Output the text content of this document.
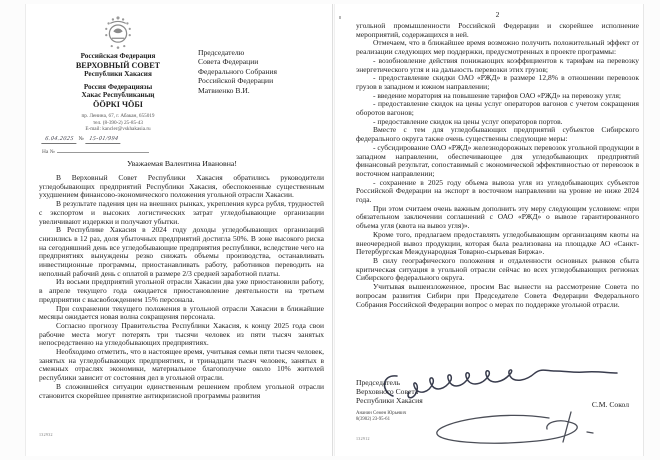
Российская Федерация
ВЕРХОВНЫЙ СОВЕТ
Республики Хакасия
Россия Федерациязы
Хакас Республиканың
ӦӦРКІ ЧӦБІ
пр. Ленина, 67, г. Абакан, 655019
тел. (8-390-2) 25-85-43
E-mail: kancler@vskhakasia.ru
6.04.2025 № 15-01/994
На №
Председателю
Совета Федерации
Федерального Собрания
Российской Федерации
Матвиенко В.И.
Уважаемая Валентина Ивановна!

В Верховный Совет Республики Хакасия обратились руководители угледобывающих предприятий Республики Хакасия, обеспокоенные существенным ухудшением финансово-экономического положения угольной отрасли Хакасии.

В результате падения цен на внешних рынках, укрепления курса рубля, трудностей с экспортом и высоких логистических затрат угледобывающие организации увеличивают издержки и получают убытки.

В Республике Хакасия в 2024 году доходы угледобывающих организаций снизились в 12 раз, доля убыточных предприятий достигла 50%. В зоне высокого риска на сегодняшний день все угледобывающие предприятия республики, вследствие чего на предприятиях вынуждены резко снижать объемы производства, останавливать инвестиционные программы, приостанавливать работу, работников переводить на неполный рабочий день с оплатой в размере 2/3 средней заработной платы.

Из восьми предприятий угольной отрасли Хакасии два уже приостановили работу, в апреле текущего года ожидается приостановление деятельности на третьем предприятии с высвобождением 15% персонала.

При сохранении текущего положения в угольной отрасли Хакасии в ближайшие месяцы ожидается новая волна сокращения персонала.

Согласно прогнозу Правительства Республики Хакасия, к концу 2025 года свои рабочие места могут потерять три тысячи человек из пяти тысяч занятых непосредственно на угледобывающих предприятиях.

Необходимо отметить, что в настоящее время, учитывая семьи пяти тысяч человек, занятых на угледобывающих предприятиях, и тринадцати тысяч человек, занятых в смежных отраслях экономики, материальное благополучие около 10% жителей республики зависит от состояния дел в угольной отрасли.

В сложившейся ситуации единственным решением проблем угольной отрасли становится скорейшее принятие антикризисной программы развития

132932
2

угольной промышленности Российской Федерации и скорейшее исполнение мероприятий, содержащихся в ней.

Отмечаем, что в ближайшее время возможно получить положительный эффект от реализации следующих мер поддержки, предусмотренных в проекте программы:

- возобновление действия понижающих коэффициентов к тарифам на перевозку энергетического угля и на дальность перевозки этих грузов;

- предоставление скидки ОАО «РЖД» в размере 12,8% в отношении перевозок грузов в западном и южном направлении;

- введение моратория на повышение тарифов ОАО «РЖД» на перевозку угля;

- предоставление скидок на цены услуг операторов вагонов с учетом сокращения оборотов вагонов;

- предоставление скидок на цены услуг операторов портов.

Вместе с тем для угледобывающих предприятий субъектов Сибирского федерального округа также очень существенны следующие меры:

- субсидирование ОАО «РЖД» железнодорожных перевозок угольной продукции в западном направлении, обеспечивающее для угледобывающих предприятий финансовый результат, сопоставимый с экономической эффективностью от перевозок в восточном направлении;

- сохранение в 2025 году объема вывоза угля из угледобывающих субъектов Российской Федерации на экспорт в восточном направлении на уровне не ниже 2024 года.

При этом считаем очень важным дополнить эту меру следующим условием: «при обязательном заключении соглашений с ОАО «РЖД» о вывозе гарантированного объема угля (квота на вывоз угля)».

Кроме того, предлагаем предоставлять угледобывающим организациям квоты на внеочередной вывоз продукции, которая была реализована на площадке АО «Санкт-Петербургская Международная Товарно-сырьевая Биржа».

В силу географического положения и отдаленности основных рынков сбыта критическая ситуация в угольной отрасли сейчас во всех угледобывающих регионах Сибирского федерального округа.

Учитывая вышеизложенное, просим Вас вынести на рассмотрение Совета по вопросам развития Сибири при Председателе Совета Федерации Федерального Собрания Российской Федерации вопрос о мерах по поддержке угольной отрасли.

Председатель
Верховного Совета
Республики Хакасия	С.М. Сокол
Ананин Семен Юрьевич
8(3902) 23-95-61
132912
